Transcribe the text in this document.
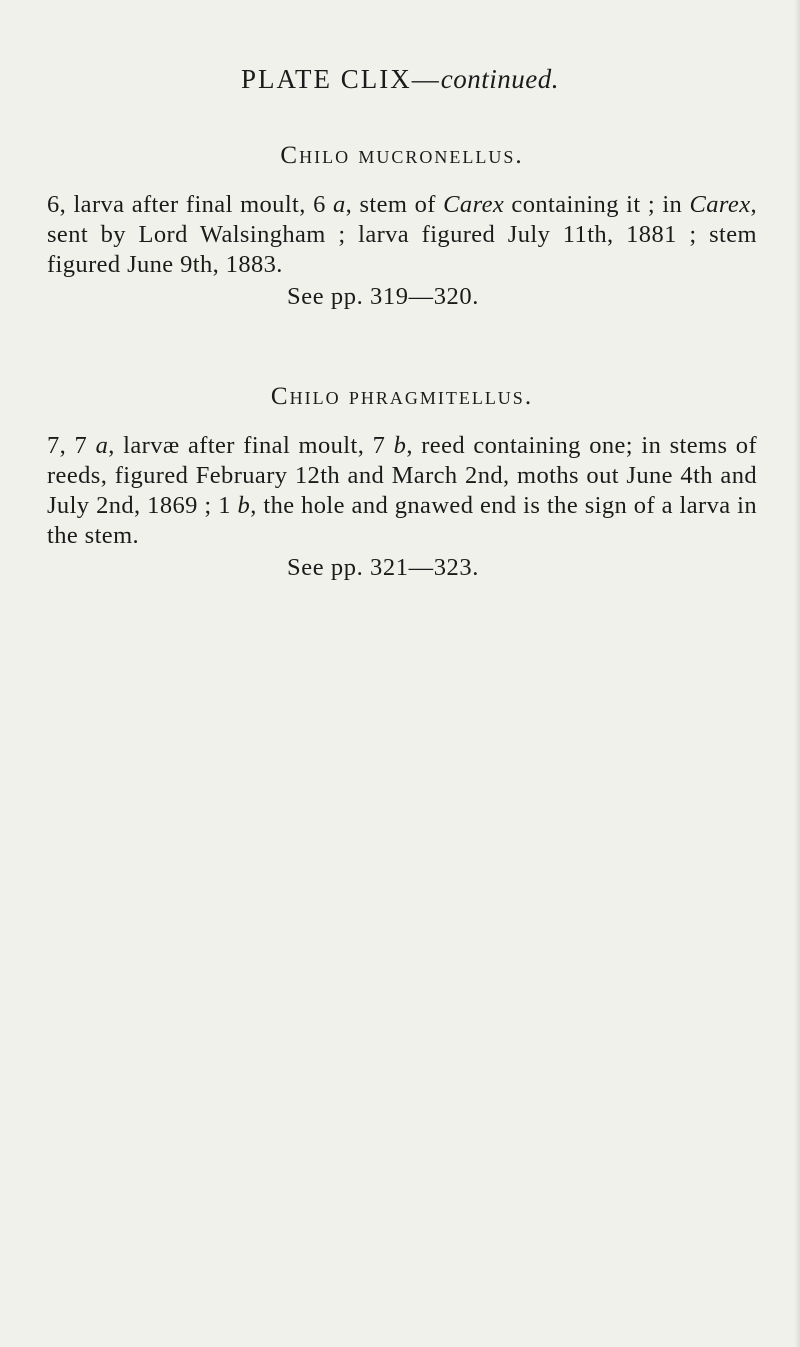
PLATE CLIX—continued.
Chilo mucronellus.

6, larva after final moult, 6 a, stem of Carex containing it ; in Carex, sent by Lord Walsingham ; larva figured July 11th, 1881 ; stem figured June 9th, 1883.

See pp. 319—320.

Chilo phragmitellus.

7, 7 a, larvæ after final moult, 7 b, reed containing one; in stems of reeds, figured February 12th and March 2nd, moths out June 4th and July 2nd, 1869 ; 1 b, the hole and gnawed end is the sign of a larva in the stem.

See pp. 321—323.
